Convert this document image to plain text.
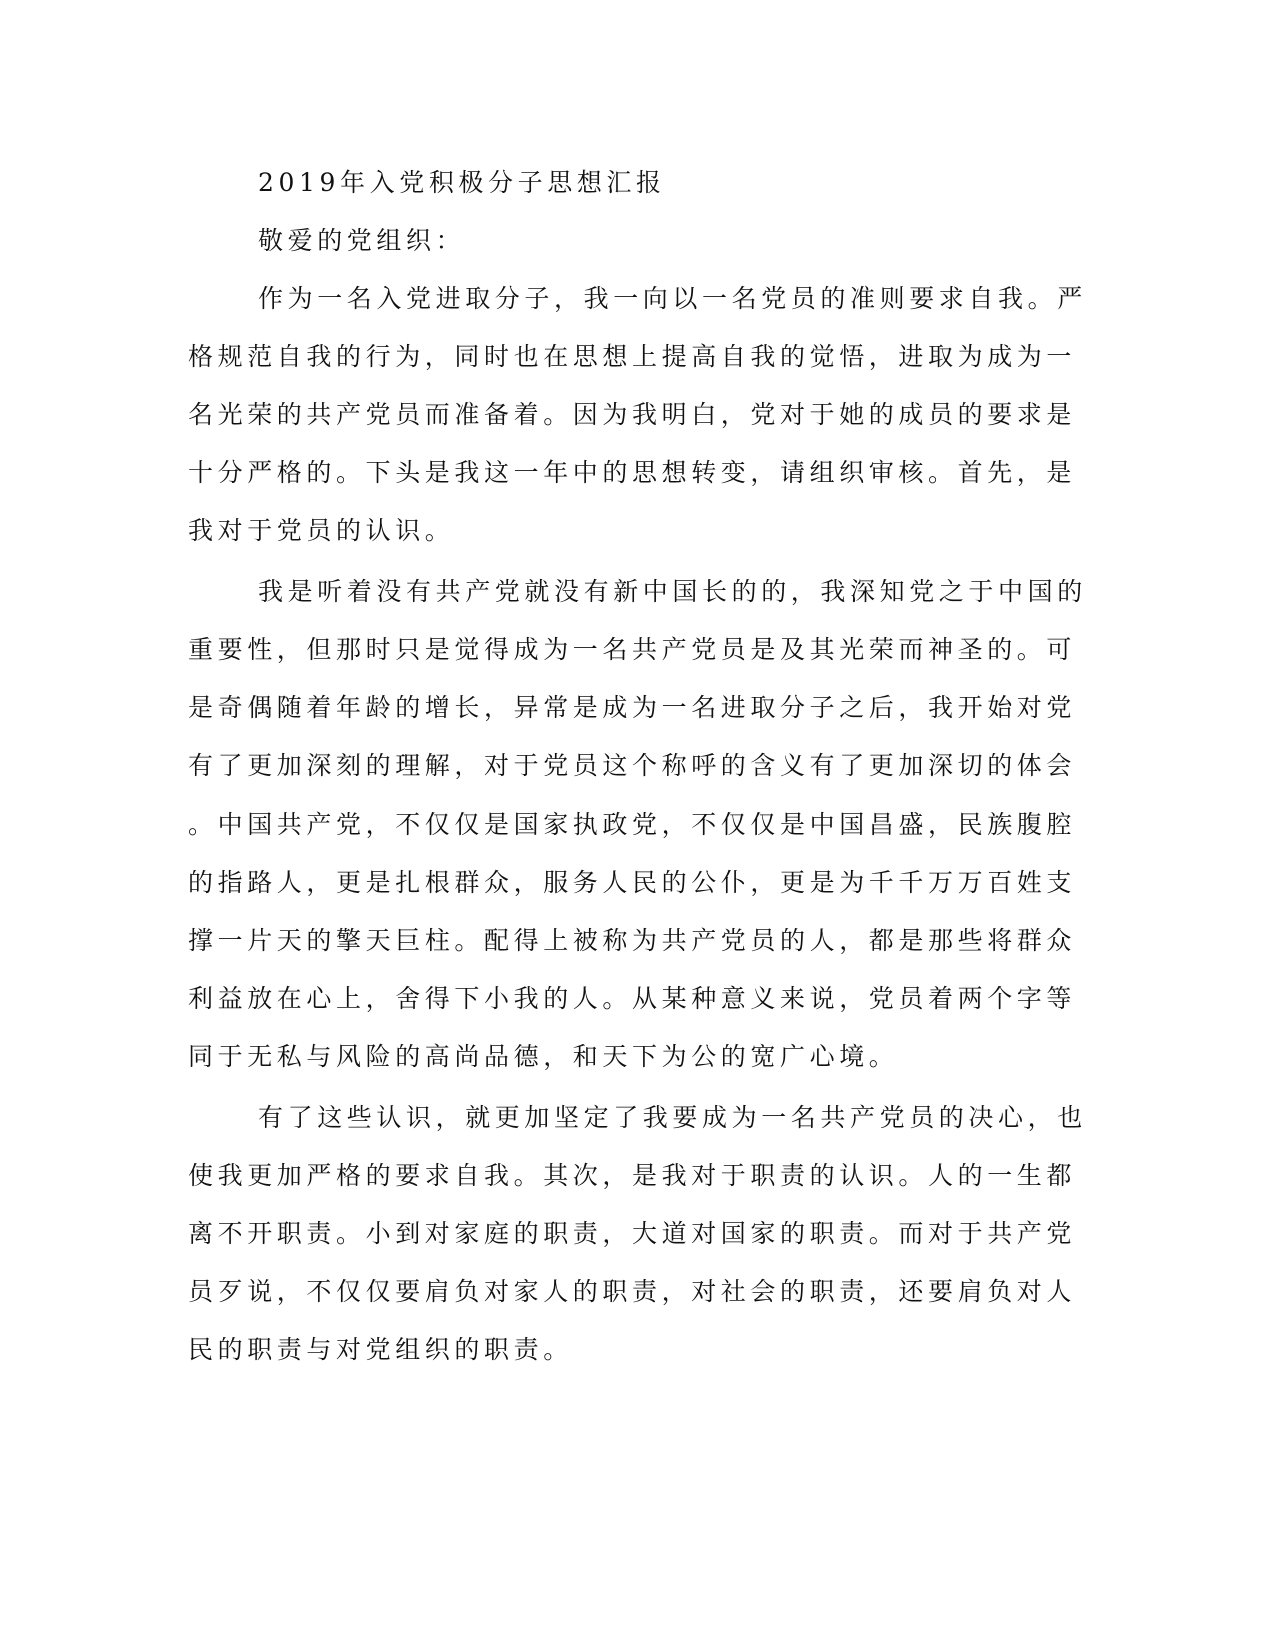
2019年入党积极分子思想汇报

敬爱的党组织：

作为一名入党进取分子，我一向以一名党员的准则要求自我。严

格规范自我的行为，同时也在思想上提高自我的觉悟，进取为成为一

名光荣的共产党员而准备着。因为我明白，党对于她的成员的要求是

十分严格的。下头是我这一年中的思想转变，请组织审核。首先，是

我对于党员的认识。

我是听着没有共产党就没有新中国长的的，我深知党之于中国的

重要性，但那时只是觉得成为一名共产党员是及其光荣而神圣的。可

是奇偶随着年龄的增长，异常是成为一名进取分子之后，我开始对党

有了更加深刻的理解，对于党员这个称呼的含义有了更加深切的体会

。中国共产党，不仅仅是国家执政党，不仅仅是中国昌盛，民族腹腔

的指路人，更是扎根群众，服务人民的公仆，更是为千千万万百姓支

撑一片天的擎天巨柱。配得上被称为共产党员的人，都是那些将群众

利益放在心上，舍得下小我的人。从某种意义来说，党员着两个字等

同于无私与风险的高尚品德，和天下为公的宽广心境。

有了这些认识，就更加坚定了我要成为一名共产党员的决心，也

使我更加严格的要求自我。其次，是我对于职责的认识。人的一生都

离不开职责。小到对家庭的职责，大道对国家的职责。而对于共产党

员歹说，不仅仅要肩负对家人的职责，对社会的职责，还要肩负对人

民的职责与对党组织的职责。
